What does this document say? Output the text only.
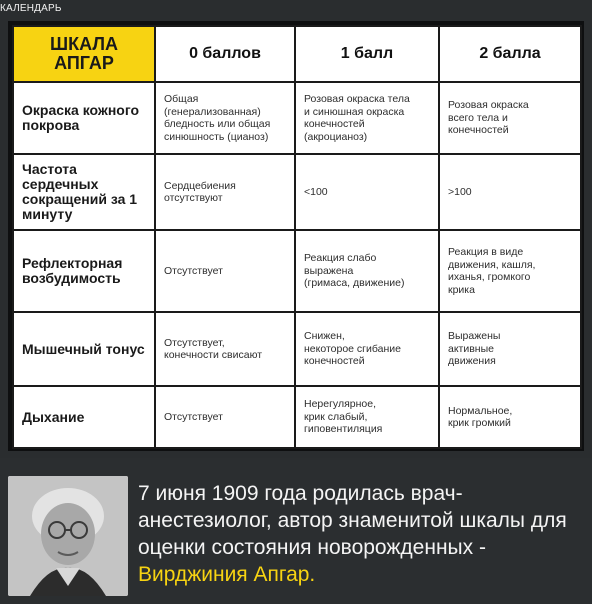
КАЛЕНДАРЬ
ШКАЛА
АПГАР	0 баллов	1 балл	2 балла
Окраска кожного покрова	Общая
(генерализованная)
бледность или общая
синюшность (цианоз)	Розовая окраска тела
и синюшная окраска
конечностей
(акроцианоз)	Розовая окраска
всего тела и
конечностей

Частота сердечных сокращений за 1 минуту	Сердцебиения
отсутствуют	<100	>100

Рефлекторная возбудимость	Отсутствует	Реакция слабо
выражена
(гримаса, движение)	Реакция в виде
движения, кашля,
иханья, громкого
крика

Мышечный тонус	Отсутствует,
конечности свисают	Снижен,
некоторое сгибание
конечностей	Выражены
активные
движения

Дыхание	Отсутствует	Нерегулярное,
крик слабый,
гиповентиляция	Нормальное,
крик громкий
7 июня 1909 года родилась врач-анестезиолог, автор знаменитой шкалы для оценки состояния новорожденных - Вирджиния Апгар.
